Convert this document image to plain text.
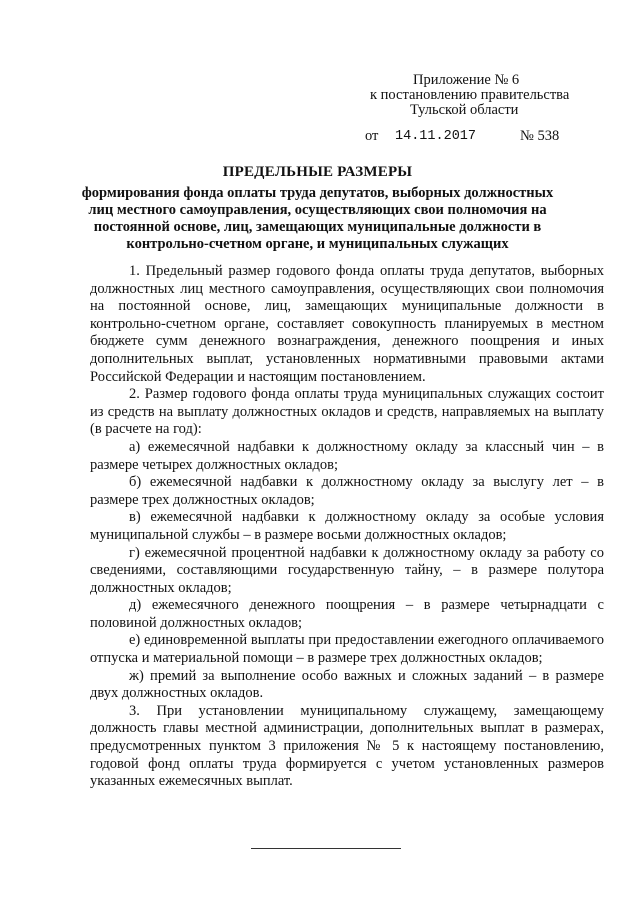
Приложение № 6
к постановлению правительства
Тульской области
от 14.11.2017	№ 538
ПРЕДЕЛЬНЫЕ РАЗМЕРЫ
формирования фонда оплаты труда депутатов, выборных должностных
лиц местного самоуправления, осуществляющих свои полномочия на
постоянной основе, лиц, замещающих муниципальные должности в
контрольно-счетном органе, и муниципальных служащих

1. Предельный размер годового фонда оплаты труда депутатов, выборных должностных лиц местного самоуправления, осуществляющих свои полномочия на постоянной основе, лиц, замещающих муниципальные должности в контрольно-счетном органе, составляет совокупность планируемых в местном бюджете сумм денежного вознаграждения, денежного поощрения и иных дополнительных выплат, установленных нормативными правовыми актами Российской Федерации и настоящим постановлением.

2. Размер годового фонда оплаты труда муниципальных служащих состоит из средств на выплату должностных окладов и средств, направляемых на выплату (в расчете на год):

а) ежемесячной надбавки к должностному окладу за классный чин – в размере четырех должностных окладов;

б) ежемесячной надбавки к должностному окладу за выслугу лет – в размере трех должностных окладов;

в) ежемесячной надбавки к должностному окладу за особые условия муниципальной службы – в размере восьми должностных окладов;

г) ежемесячной процентной надбавки к должностному окладу за работу со сведениями, составляющими государственную тайну, – в размере полутора должностных окладов;

д) ежемесячного денежного поощрения – в размере четырнадцати с половиной должностных окладов;

е) единовременной выплаты при предоставлении ежегодного оплачиваемого отпуска и материальной помощи – в размере трех должностных окладов;

ж) премий за выполнение особо важных и сложных заданий – в размере двух должностных окладов.

3. При установлении муниципальному служащему, замещающему должность главы местной администрации, дополнительных выплат в размерах, предусмотренных пунктом 3 приложения № 5 к настоящему постановлению, годовой фонд оплаты труда формируется с учетом установленных размеров указанных ежемесячных выплат.
